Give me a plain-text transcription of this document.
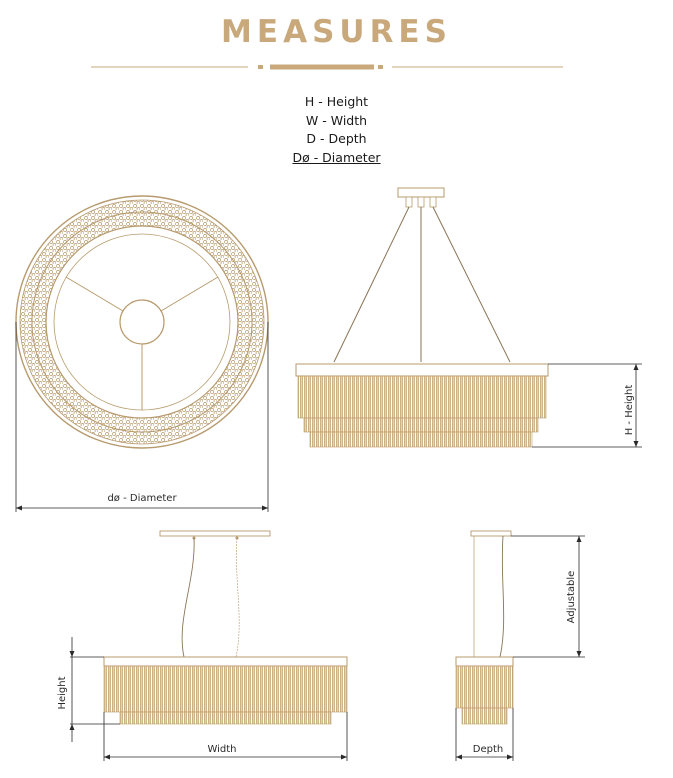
MEASURES
H - Height
W - Width
D - Depth
Dø - Diameter
dø - Diameter
H - Height
Height
Width
Adjustable
Depth
